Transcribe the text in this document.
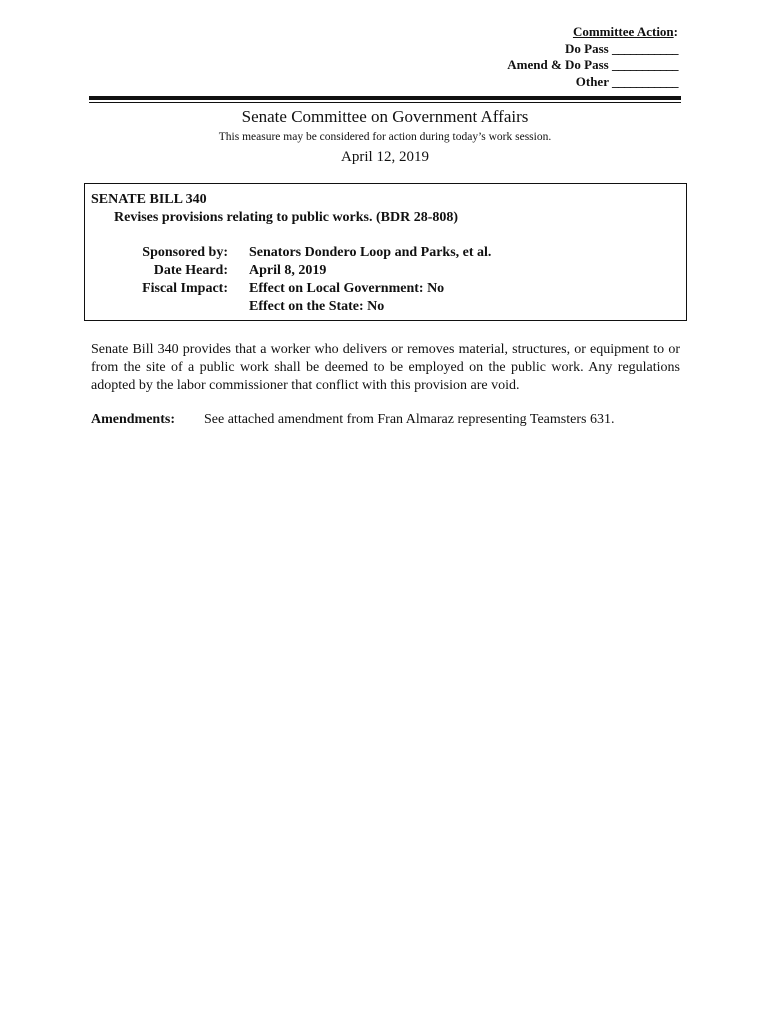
Committee Action:
Do Pass ___________
Amend & Do Pass ___________
Other ___________
Senate Committee on Government Affairs
This measure may be considered for action during today’s work session.
April 12, 2019
SENATE BILL 340
Revises provisions relating to public works. (BDR 28-808)
Sponsored by:
Date Heard:
Fiscal Impact:
Senators Dondero Loop and Parks, et al.
April 8, 2019
Effect on Local Government: No
Effect on the State: No

Senate Bill 340 provides that a worker who delivers or removes material, structures, or equipment to or from the site of a public work shall be deemed to be employed on the public work. Any regulations adopted by the labor commissioner that conflict with this provision are void.

Amendments: See attached amendment from Fran Almaraz representing Teamsters 631.
